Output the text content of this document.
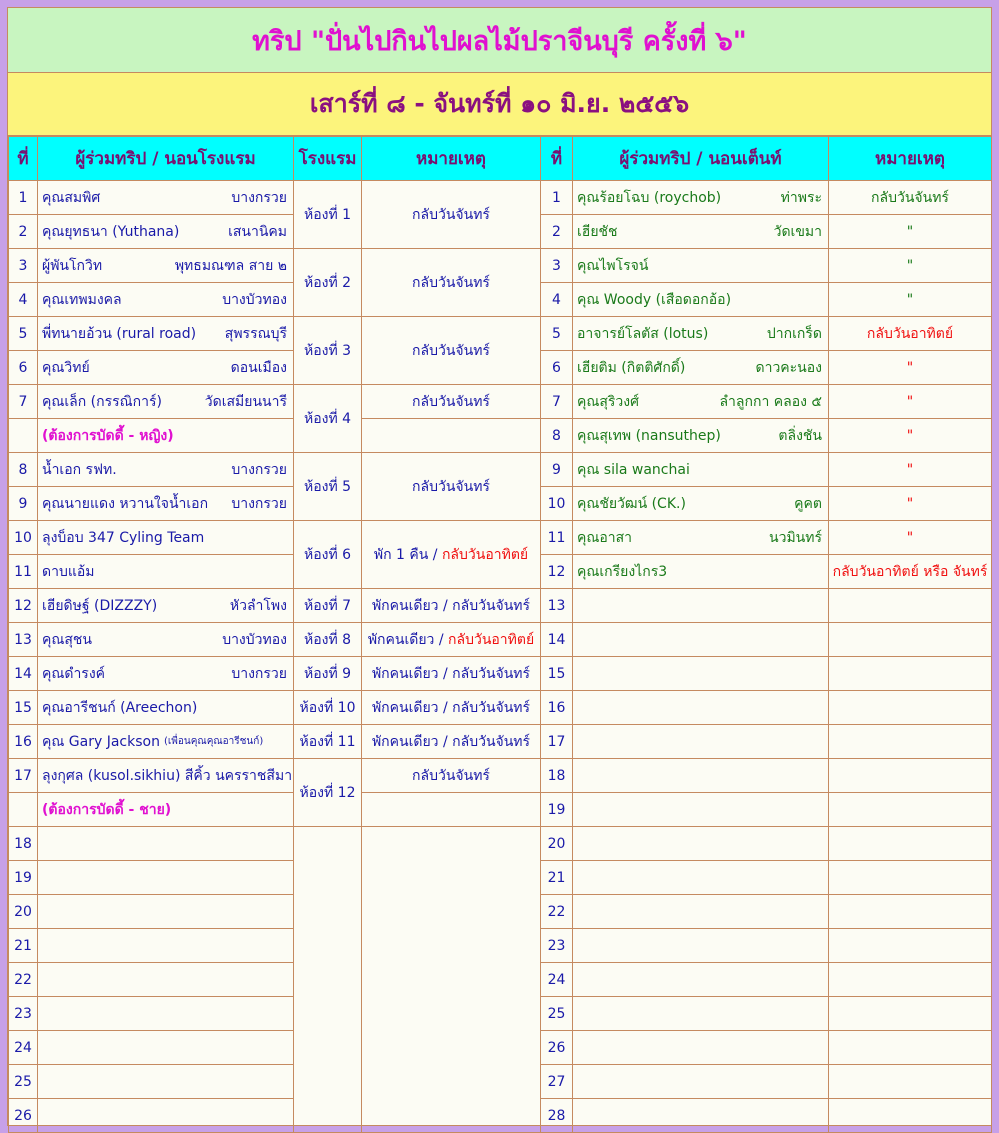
ทริป "ปั่นไปกินไปผลไม้ปราจีนบุรี ครั้งที่ ๖"
เสาร์ที่ ๘ - จันทร์ที่ ๑๐ มิ.ย. ๒๕๕๖
ที่	ผู้ร่วมทริป / นอนโรงแรม	โรงแรม	หมายเหตุ	ที่	ผู้ร่วมทริป / นอนเต็นท์	หมายเหตุ
1	คุณสมพิศ บางกรวย	ห้องที่ 1	กลับวันจันทร์	1	คุณร้อยโฉบ (roychob) ท่าพระ	กลับวันจันทร์
2	คุณยุทธนา (Yuthana) เสนานิคม			2	เฮียชัช วัดเขมา	"
3	ผู้พันโกวิท พุทธมณฑล สาย ๒	ห้องที่ 2	กลับวันจันทร์	3	คุณไพโรจน์	"
4	คุณเทพมงคล บางบัวทอง			4	คุณ Woody (เสือดอกอ้อ)	"
5	พี่ทนายอ้วน (rural road) สุพรรณบุรี	ห้องที่ 3	กลับวันจันทร์	5	อาจารย์โลตัส (lotus) ปากเกร็ด	กลับวันอาทิตย์
6	คุณวิทย์ ดอนเมือง			6	เฮียติม (กิตติศักดิ์) ดาวคะนอง	"
7	คุณเล็ก (กรรณิการ์) วัดเสมียนนารี	ห้องที่ 4	กลับวันจันทร์	7	คุณสุริวงศ์ ลำลูกกา คลอง ๕	"
	(ต้องการบัดดี้ - หญิง)			8	คุณสุเทพ (nansuthep) ตลิ่งชัน	"
8	น้ำเอก รฟท. บางกรวย	ห้องที่ 5	กลับวันจันทร์	9	คุณ sila wanchai	"
9	คุณนายแดง หวานใจน้ำเอก บางกรวย			10	คุณชัยวัฒน์ (CK.) คูคต	"
10	ลุงบ็อบ 347 Cyling Team	ห้องที่ 6	พัก 1 คืน / กลับวันอาทิตย์	11	คุณอาสา นวมินทร์	"
11	ดาบแอ้ม			12	คุณเกรียงไกร3	กลับวันอาทิตย์ หรือ จันทร์
12	เฮียดิษฐ์ (DIZZZY) หัวลำโพง	ห้องที่ 7	พักคนเดียว / กลับวันจันทร์	13		
13	คุณสุชน บางบัวทอง	ห้องที่ 8	พักคนเดียว / กลับวันอาทิตย์	14		
14	คุณดำรงค์ บางกรวย	ห้องที่ 9	พักคนเดียว / กลับวันจันทร์	15		
15	คุณอารีชนก์ (Areechon)	ห้องที่ 10	พักคนเดียว / กลับวันจันทร์	16		
16	คุณ Gary Jackson (เพื่อนคุณคุณอารีชนก์)	ห้องที่ 11	พักคนเดียว / กลับวันจันทร์	17		
17	ลุงกุศล (kusol.sikhiu) สีคิ้ว นครราชสีมา	ห้องที่ 12	กลับวันจันทร์	18		
	(ต้องการบัดดี้ - ชาย)			19		
18				20		
19				21		
20				22		
21				23		
22				24		
23				25		
24				26		
25				27		
26				28		
